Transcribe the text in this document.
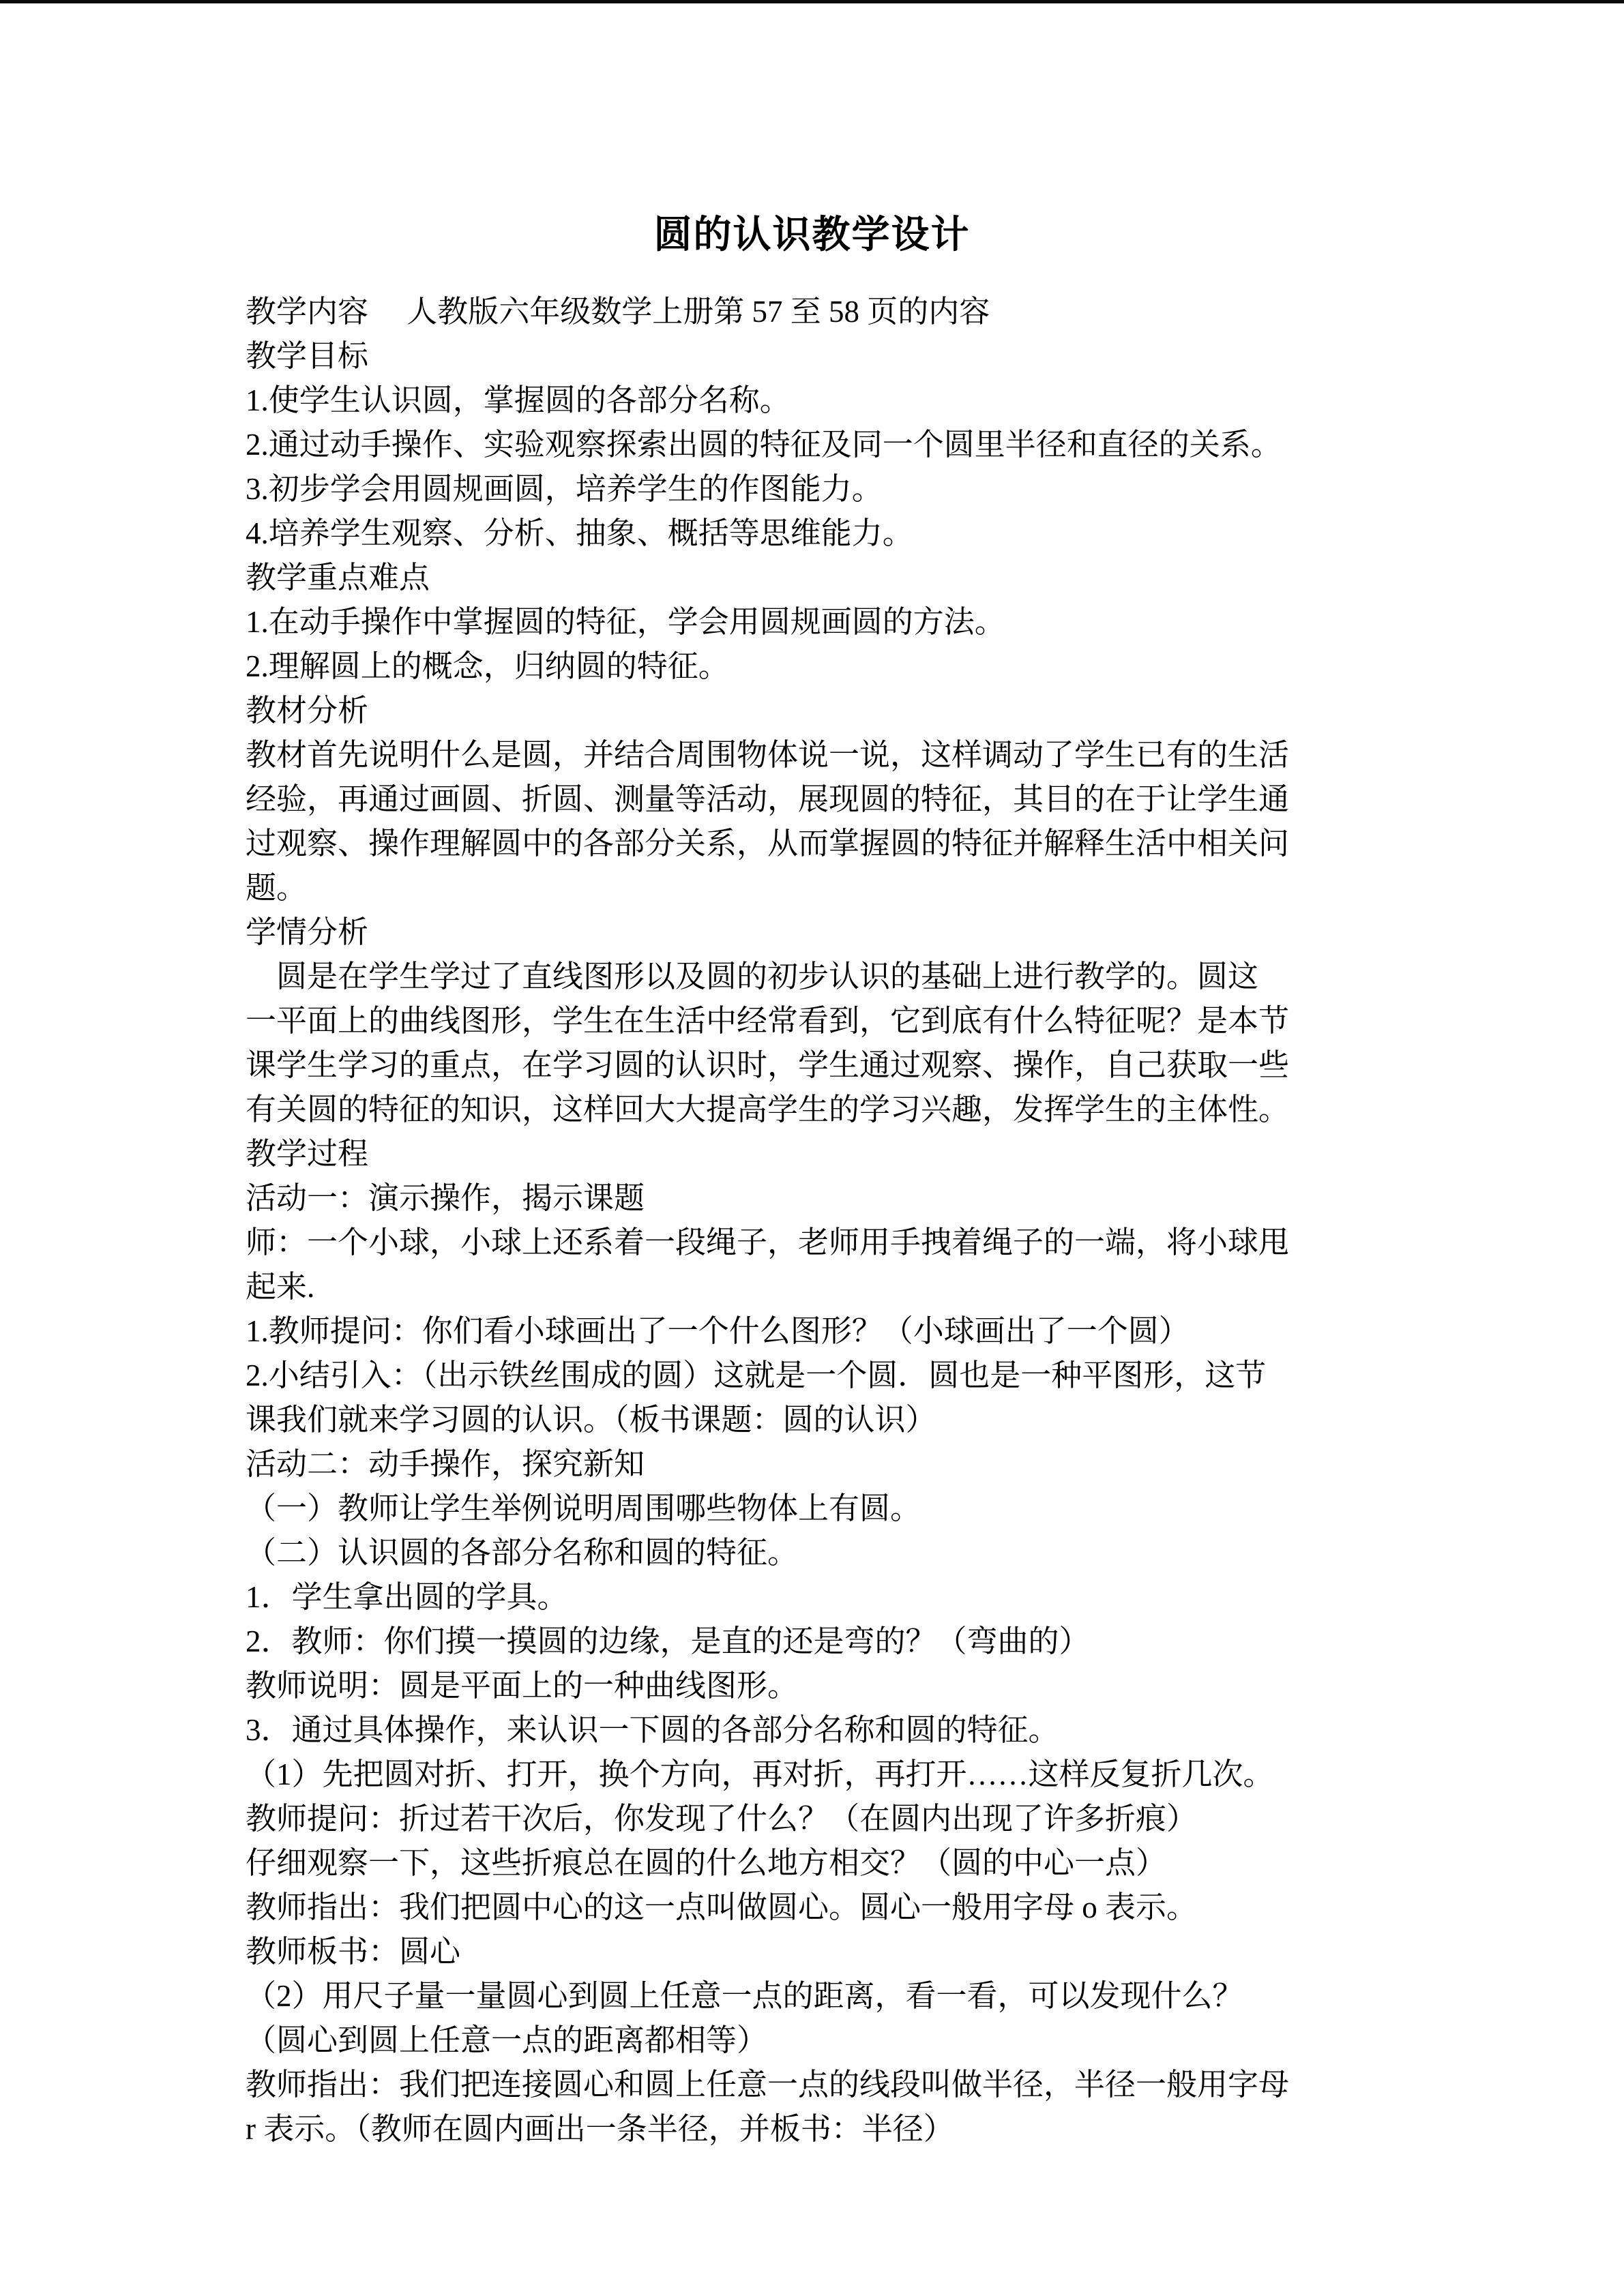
圆的认识教学设计
教学内容　 人教版六年级数学上册第 57 至 58 页的内容
教学目标
1.使学生认识圆，掌握圆的各部分名称。
2.通过动手操作、实验观察探索出圆的特征及同一个圆里半径和直径的关系。
3.初步学会用圆规画圆，培养学生的作图能力。
4.培养学生观察、分析、抽象、概括等思维能力。
教学重点难点
1.在动手操作中掌握圆的特征，学会用圆规画圆的方法。
2.理解圆上的概念，归纳圆的特征。
教材分析
教材首先说明什么是圆，并结合周围物体说一说，这样调动了学生已有的生活
经验，再通过画圆、折圆、测量等活动，展现圆的特征，其目的在于让学生通
过观察、操作理解圆中的各部分关系，从而掌握圆的特征并解释生活中相关问
题。
学情分析
　圆是在学生学过了直线图形以及圆的初步认识的基础上进行教学的。圆这
一平面上的曲线图形，学生在生活中经常看到，它到底有什么特征呢？是本节
课学生学习的重点，在学习圆的认识时，学生通过观察、操作，自己获取一些
有关圆的特征的知识，这样回大大提高学生的学习兴趣，发挥学生的主体性。
教学过程
活动一：演示操作，揭示课题
师：一个小球，小球上还系着一段绳子，老师用手拽着绳子的一端，将小球甩
起来.
1.教师提问：你们看小球画出了一个什么图形？（小球画出了一个圆）
2.小结引入：（出示铁丝围成的圆）这就是一个圆．圆也是一种平图形，这节
课我们就来学习圆的认识。（板书课题：圆的认识）
活动二：动手操作，探究新知
（一）教师让学生举例说明周围哪些物体上有圆。
（二）认识圆的各部分名称和圆的特征。
1．学生拿出圆的学具。
2．教师：你们摸一摸圆的边缘，是直的还是弯的？（弯曲的）
教师说明：圆是平面上的一种曲线图形。
3．通过具体操作，来认识一下圆的各部分名称和圆的特征。
（1）先把圆对折、打开，换个方向，再对折，再打开……这样反复折几次。
教师提问：折过若干次后，你发现了什么？（在圆内出现了许多折痕）
仔细观察一下，这些折痕总在圆的什么地方相交？（圆的中心一点）
教师指出：我们把圆中心的这一点叫做圆心。圆心一般用字母 o 表示。
教师板书：圆心
（2）用尺子量一量圆心到圆上任意一点的距离，看一看，可以发现什么？
（圆心到圆上任意一点的距离都相等）
教师指出：我们把连接圆心和圆上任意一点的线段叫做半径，半径一般用字母
r 表示。（教师在圆内画出一条半径，并板书：半径）
